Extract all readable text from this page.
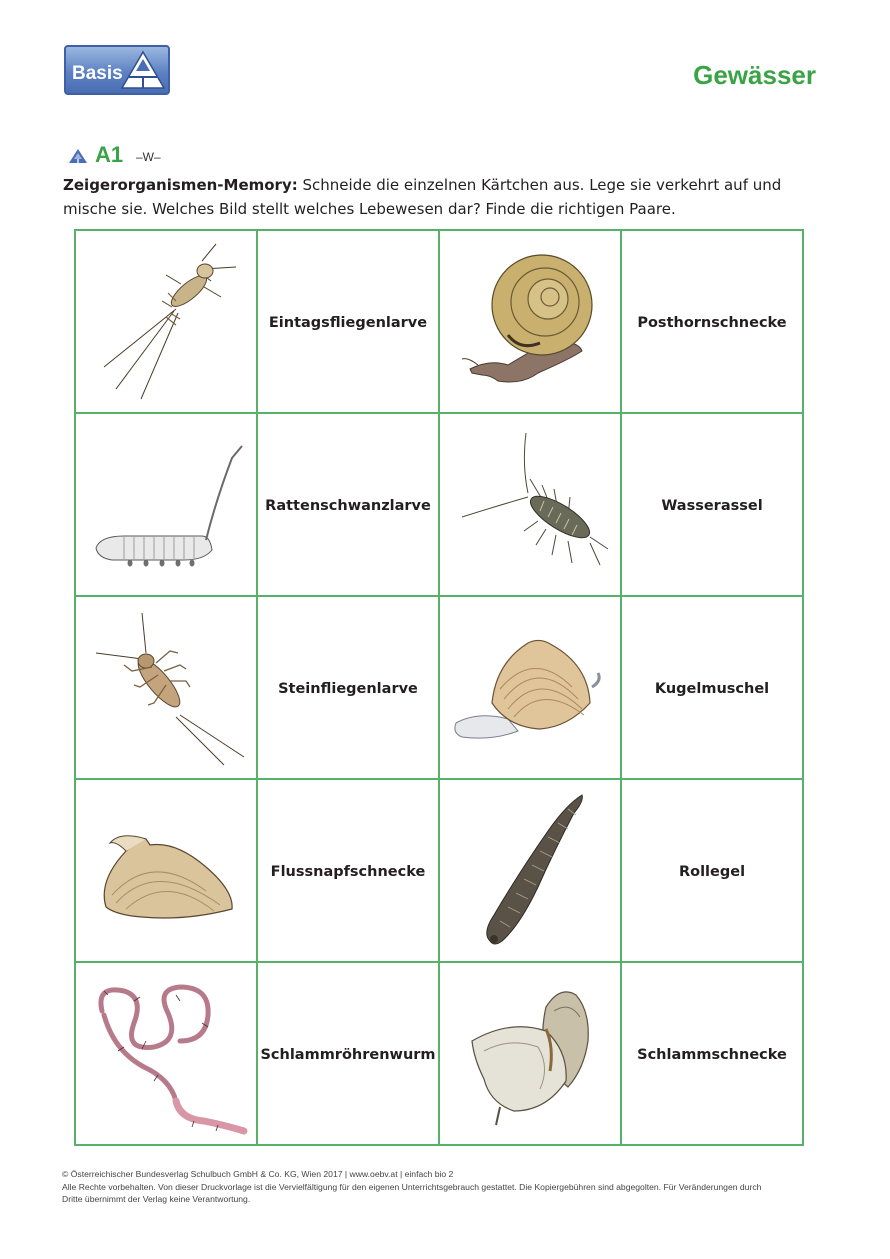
Basis	Gewässer
A1 –W–
Zeigerorganismen-Memory: Schneide die einzelnen Kärtchen aus. Lege sie verkehrt auf und mische sie. Welches Bild stellt welches Lebewesen dar? Finde die richtigen Paare.
	Eintagsfliegenlarve		Posthornschnecke

	Rattenschwanzlarve		Wasserassel

	Steinfliegenlarve		Kugelmuschel

	Flussnapfschnecke		Rollegel

	Schlammröhrenwurm		Schlammschnecke
© Österreichischer Bundesverlag Schulbuch GmbH & Co. KG, Wien 2017 | www.oebv.at | einfach bio 2
Alle Rechte vorbehalten. Von dieser Druckvorlage ist die Vervielfältigung für den eigenen Unterrichtsgebrauch gestattet. Die Kopiergebühren sind abgegolten. Für Veränderungen durch
Dritte übernimmt der Verlag keine Verantwortung.
